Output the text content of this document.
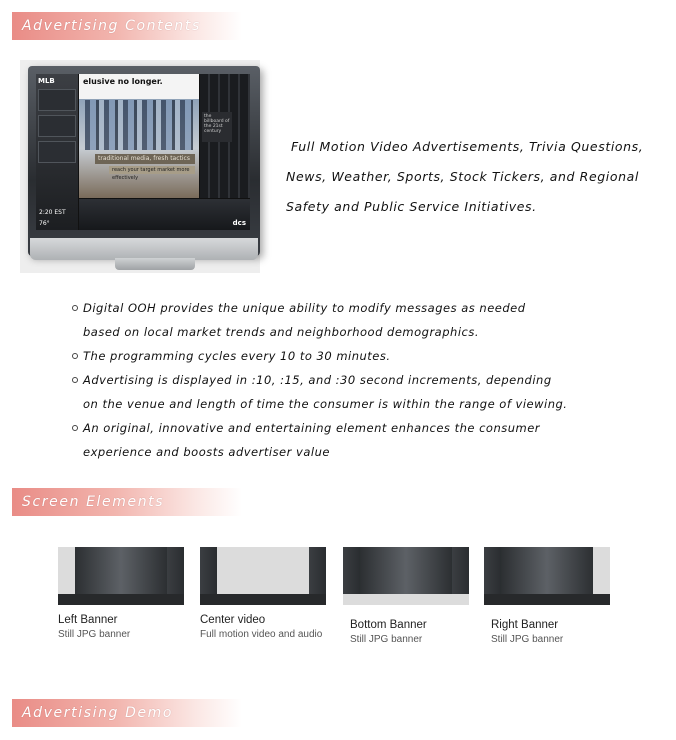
Advertising Contents
MLB
2:20 EST
76°
elusive no longer.
traditional media, fresh tactics
reach your target market more effectively
the billboard of the 21st century
dcs
Full Motion Video Advertisements, Trivia Questions,
News, Weather, Sports, Stock Tickers, and Regional
Safety and Public Service Initiatives.
Digital OOH provides the unique ability to modify messages as needed
based on local market trends and neighborhood demographics.
The programming cycles every 10 to 30 minutes.
Advertising is displayed in :10, :15, and :30 second increments, depending
on the venue and length of time the consumer is within the range of viewing.
An original, innovative and entertaining element enhances the consumer
experience and boosts advertiser value
Screen Elements
Left Banner
Still JPG banner
Center video
Full motion video and audio
Bottom Banner
Still JPG banner
Right Banner
Still JPG banner
Advertising Demo
